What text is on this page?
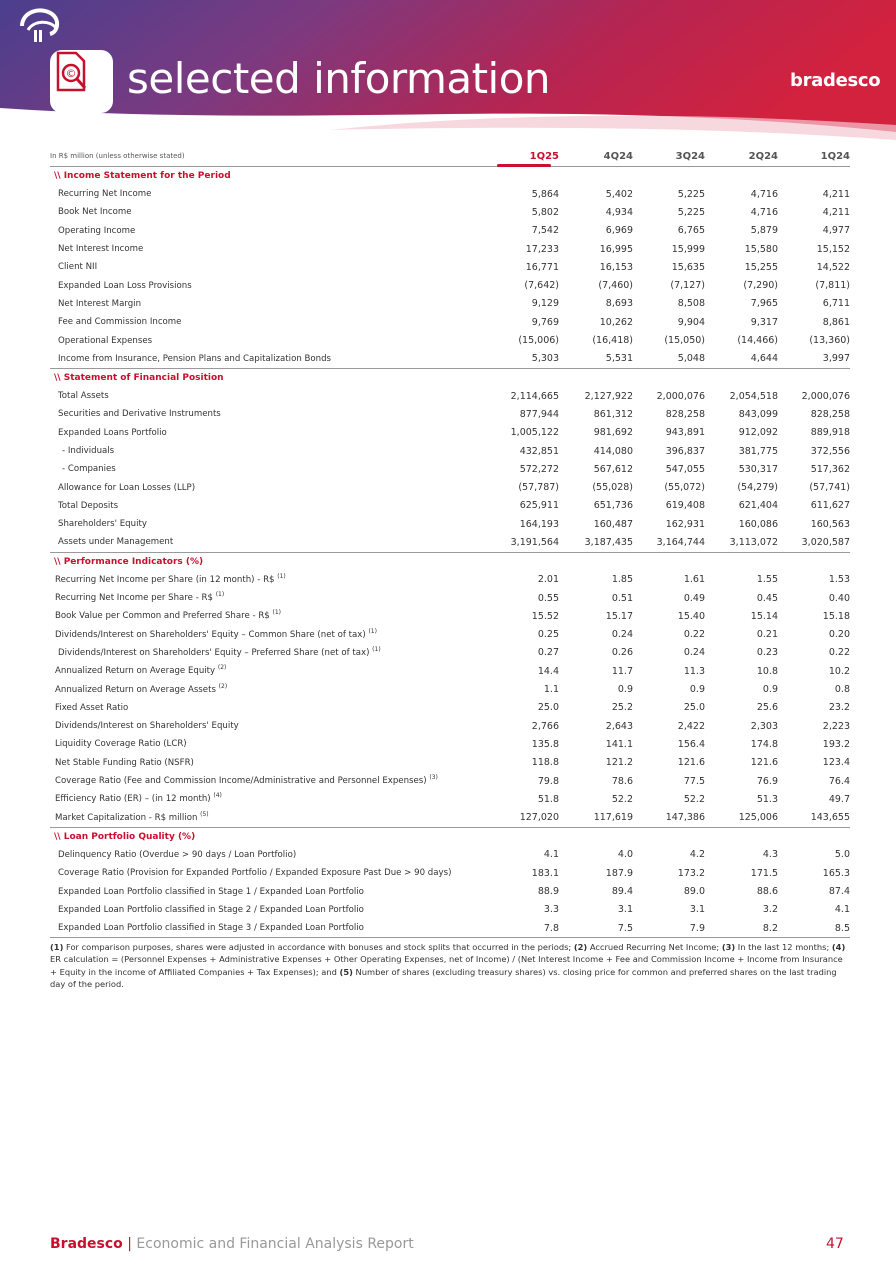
© selected information	bradesco
In R$ million (unless otherwise stated)	1Q25	4Q24	3Q24	2Q24	1Q24
\\ Income Statement for the Period					
Recurring Net Income	5,864	5,402	5,225	4,716	4,211
Book Net Income	5,802	4,934	5,225	4,716	4,211
Operating Income	7,542	6,969	6,765	5,879	4,977
Net Interest Income	17,233	16,995	15,999	15,580	15,152
Client NII	16,771	16,153	15,635	15,255	14,522
Expanded Loan Loss Provisions	(7,642)	(7,460)	(7,127)	(7,290)	(7,811)
Net Interest Margin	9,129	8,693	8,508	7,965	6,711
Fee and Commission Income	9,769	10,262	9,904	9,317	8,861
Operational Expenses	(15,006)	(16,418)	(15,050)	(14,466)	(13,360)
Income from Insurance, Pension Plans and Capitalization Bonds	5,303	5,531	5,048	4,644	3,997
\\ Statement of Financial Position					
Total Assets	2,114,665	2,127,922	2,000,076	2,054,518	2,000,076
Securities and Derivative Instruments	877,944	861,312	828,258	843,099	828,258
Expanded Loans Portfolio	1,005,122	981,692	943,891	912,092	889,918
- Individuals	432,851	414,080	396,837	381,775	372,556
- Companies	572,272	567,612	547,055	530,317	517,362
Allowance for Loan Losses (LLP)	(57,787)	(55,028)	(55,072)	(54,279)	(57,741)
Total Deposits	625,911	651,736	619,408	621,404	611,627
Shareholders' Equity	164,193	160,487	162,931	160,086	160,563
Assets under Management	3,191,564	3,187,435	3,164,744	3,113,072	3,020,587
\\ Performance Indicators (%)					
Recurring Net Income per Share (in 12 month) - R$ $^{(1)}$	2.01	1.85	1.61	1.55	1.53
Recurring Net Income per Share - R$ $^{(1)}$	0.55	0.51	0.49	0.45	0.40
Book Value per Common and Preferred Share - R$ $^{(1)}$	15.52	15.17	15.40	15.14	15.18
Dividends/Interest on Shareholders' Equity – Common Share (net of tax) $^{(1)}$	0.25	0.24	0.22	0.21	0.20
Dividends/Interest on Shareholders' Equity – Preferred Share (net of tax) $^{(1)}$	0.27	0.26	0.24	0.23	0.22
Annualized Return on Average Equity $^{(2)}$	14.4	11.7	11.3	10.8	10.2
Annualized Return on Average Assets $^{(2)}$	1.1	0.9	0.9	0.9	0.8
Fixed Asset Ratio	25.0	25.2	25.0	25.6	23.2
Dividends/Interest on Shareholders' Equity	2,766	2,643	2,422	2,303	2,223
Liquidity Coverage Ratio (LCR)	135.8	141.1	156.4	174.8	193.2
Net Stable Funding Ratio (NSFR)	118.8	121.2	121.6	121.6	123.4
Coverage Ratio (Fee and Commission Income/Administrative and Personnel Expenses) $^{(3)}$	79.8	78.6	77.5	76.9	76.4
Efficiency Ratio (ER) – (in 12 month) $^{(4)}$	51.8	52.2	52.2	51.3	49.7
Market Capitalization - R$ million $^{(5)}$	127,020	117,619	147,386	125,006	143,655
\\ Loan Portfolio Quality (%)					
Delinquency Ratio (Overdue > 90 days / Loan Portfolio)	4.1	4.0	4.2	4.3	5.0
Coverage Ratio (Provision for Expanded Portfolio / Expanded Exposure Past Due > 90 days)	183.1	187.9	173.2	171.5	165.3
Expanded Loan Portfolio classified in Stage 1 / Expanded Loan Portfolio	88.9	89.4	89.0	88.6	87.4
Expanded Loan Portfolio classified in Stage 2 / Expanded Loan Portfolio	3.3	3.1	3.1	3.2	4.1
Expanded Loan Portfolio classified in Stage 3 / Expanded Loan Portfolio	7.8	7.5	7.9	8.2	8.5
(1) For comparison purposes, shares were adjusted in accordance with bonuses and stock splits that occurred in the periods; (2) Accrued Recurring Net Income; (3) In the last 12 months; (4) ER calculation = (Personnel Expenses + Administrative Expenses + Other Operating Expenses, net of Income) / (Net Interest Income + Fee and Commission Income + Income from Insurance + Equity in the income of Affiliated Companies + Tax Expenses); and (5) Number of shares (excluding treasury shares) vs. closing price for common and preferred shares on the last trading day of the period.
Bradesco | Economic and Financial Analysis Report	47
